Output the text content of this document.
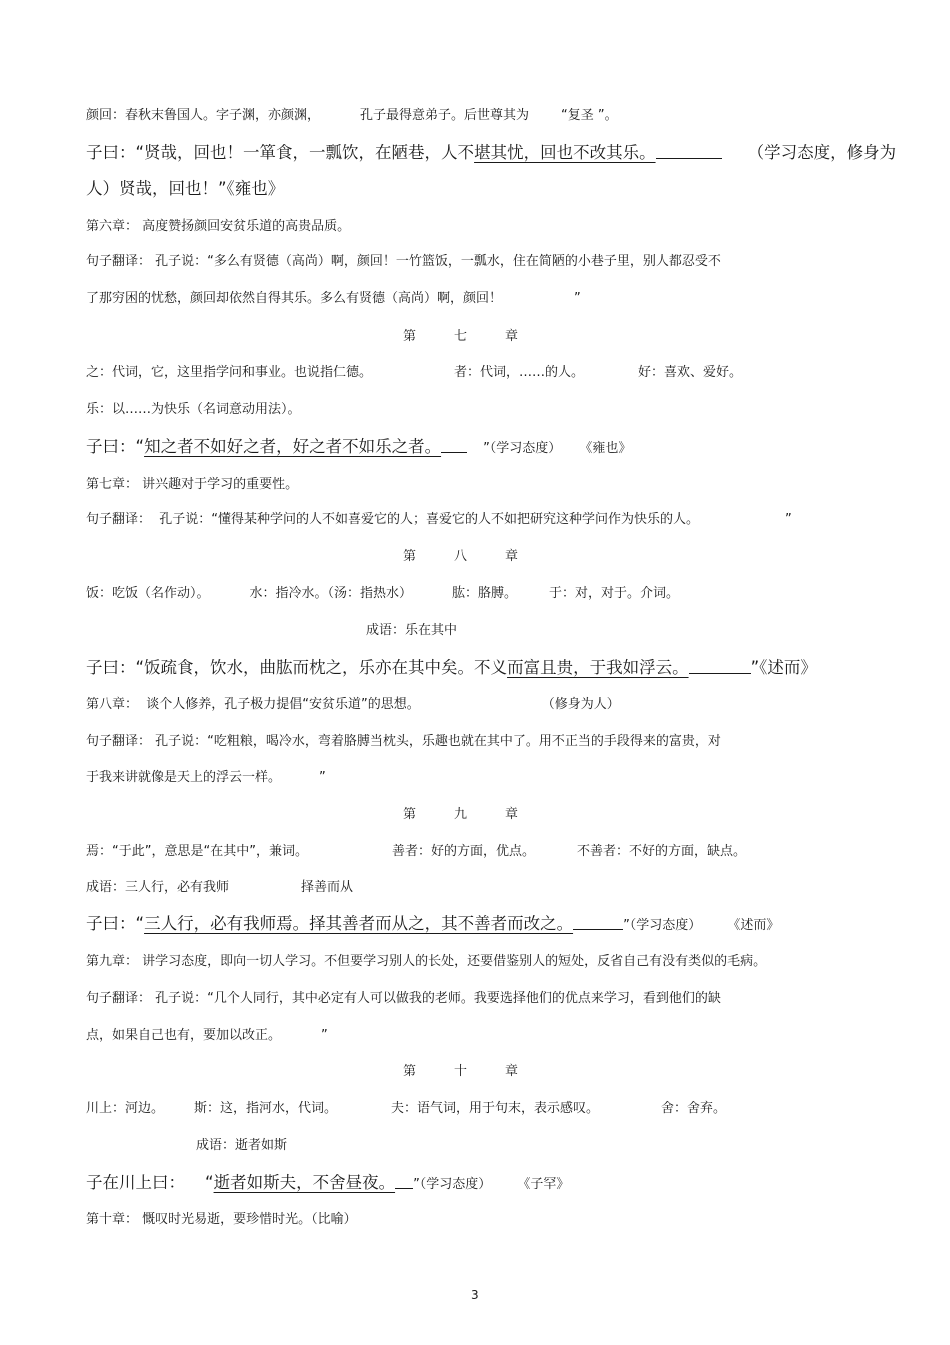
颜回：春秋末鲁国人。字子渊，亦颜渊，	孔子最得意弟子。后世尊其为 “复圣 ”。
子曰：“贤哉，回也！一箪食，一瓢饮，在陋巷，人不堪其忧，回也不改其乐。	（学习态度，修身为
人）贤哉，回也！”《雍也》
第六章： 高度赞扬颜回安贫乐道的高贵品质。
句子翻译： 孔子说：“多么有贤德（高尚）啊，颜回！一竹篮饭，一瓢水，住在简陋的小巷子里，别人都忍受不
了那穷困的忧愁，颜回却依然自得其乐。多么有贤德（高尚）啊，颜回！	”
第	七	章
之：代词，它，这里指学问和事业。也说指仁德。	者：代词，……的人。	好：喜欢、爱好。
乐：以……为快乐（名词意动用法）。
子曰：“知之者不如好之者，好之者不如乐之者。	”（学习态度） 《雍也》
第七章： 讲兴趣对于学习的重要性。
句子翻译：  孔子说：“懂得某种学问的人不如喜爱它的人；喜爱它的人不如把研究这种学问作为快乐的人。	”
第	八	章
饭：吃饭（名作动）。	水：指冷水。（汤：指热水）	肱：胳膊。 于：对，对于。介词。
成语：乐在其中
子曰：“饭疏食，饮水，曲肱而枕之，乐亦在其中矣。不义而富且贵，于我如浮云。	”《述而》
第八章：  谈个人修养，孔子极力提倡“安贫乐道”的思想。	（修身为人）
句子翻译： 孔子说：“吃粗粮，喝冷水，弯着胳膊当枕头，乐趣也就在其中了。用不正当的手段得来的富贵，对
于我来讲就像是天上的浮云一样。	”
第	九	章
焉：“于此”，意思是“在其中”，兼词。	善者：好的方面，优点。	不善者：不好的方面，缺点。
成语：三人行，必有我师	择善而从
子曰：“三人行，必有我师焉。择其善者而从之，其不善者而改之。	”（学习态度） 《述而》
第九章： 讲学习态度，即向一切人学习。不但要学习别人的长处，还要借鉴别人的短处，反省自己有没有类似的毛病。
句子翻译： 孔子说：“几个人同行，其中必定有人可以做我的老师。我要选择他们的优点来学习，看到他们的缺
点，如果自己也有，要加以改正。	”
第	十	章
川上：河边。 斯：这，指河水，代词。	夫：语气词，用于句末，表示感叹。	舍：舍弃。
成语：逝者如斯
子在川上曰： “逝者如斯夫，不舍昼夜。 ”（学习态度） 《子罕》
第十章： 慨叹时光易逝，要珍惜时光。（比喻）
3
